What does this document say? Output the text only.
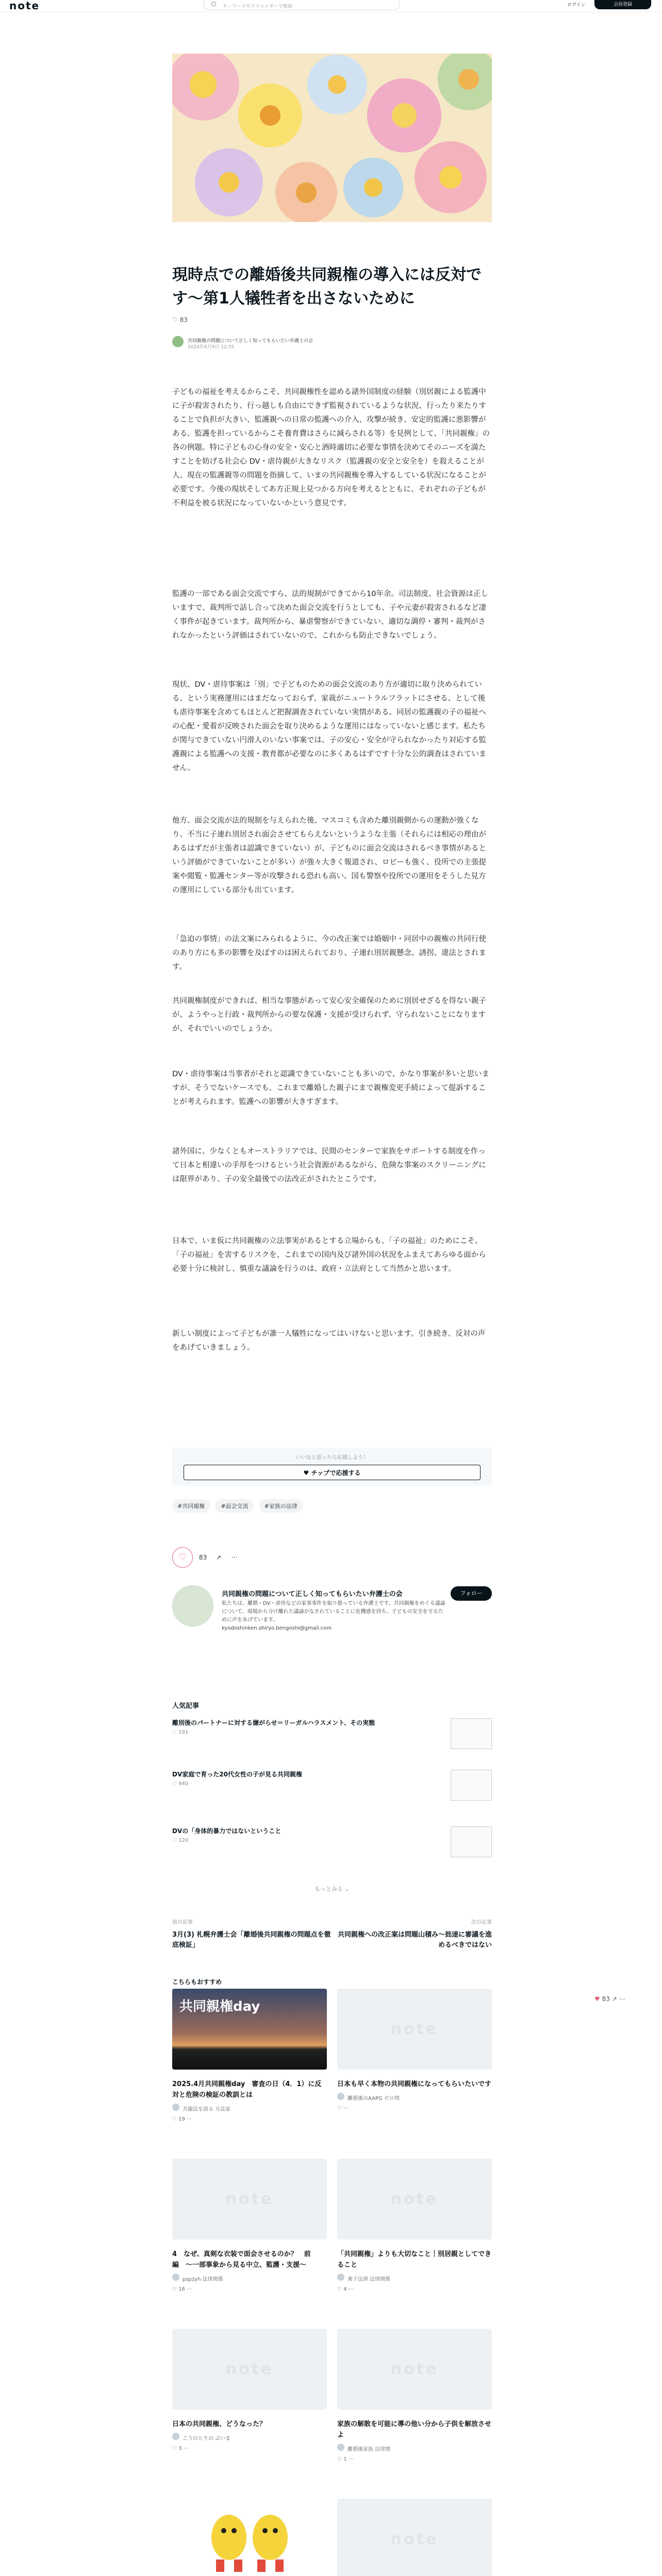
note	キーワードやクリエイターで検索	ログイン	会員登録
現時点での離婚後共同親権の導入には反対です〜第1人犠牲者を出さないために
♡ 83
共同親権の問題について正しく知ってもらいたい弁護士の会
2024年6月9日 12:55

子どもの福祉を考えるからこそ、共同親権性を認める諸外国制度の経験（別居親による監護中に子が殺害されたり、行っ越しも自由にできず監視されているような状況、行ったり来たりすることで負担が大きい、監護親への日常の監護への介入、攻撃が続き、安定的監護に悪影響がある、監護を担っているからこそ養育費はさらに減らされる等）を見例として、「共同親権」の各の例題。特に子どもの心身の安全・安心と酒時適切に必要な事情を決めてそのニーズを満たすことを妨げる社会心 DV・虐待親が大きなリスク（監護親の安全と安全を）を殺えることが人、現在の監護親等の問題を指摘して、いまの共同親権を導入するしている状況になることが必要です。今後の現状そしてあ方正規上見つかる方向を考えるとともに、それぞれの子どもが不利益を被る状況になっていないかという意見です。

監護の一部である面会交流ですら、法的規制ができてから10年余。司法制度、社会資源は正しいますで、裁判所で話し合って決めた面会交流を行うとしても、子や元妻が殺害されるなど凄く事件が起きています。裁判所から、暴虐警察ができていない、適切な調停・審判・裁判がされなかったという評価はされていないので、これからも防止できないでしょう。

現状、DV・虐待事案は「別」で子どものための面会交流のあり方が適切に取り決められている、という実務運用にはまだなっておらず、家裁がニュートラルフラットにさせる、として後も虐待事案を含めてもほとんど把握調査されていない実情がある。同居の監護親の子の福祉への心配・愛着が反映された面会を取り決めるような運用にはなっていないと感じます。私たちが関与できていない円滑人のいない事案では、子の安心・安全が守られなかったり対応する監護親による監護への支援・教育都が必要なのに多くあるはずです十分な公的調査はされていません。

他方、面会交流が法的規制を与えられた後、マスコミも含めた離別親側からの運動が強くなり、不当に子連れ別居され面会させてもらえないというような主張（それらには相応の理由があるはずだが主張者は認識できていない）が、子どものに面会交流はされるべき事情があるという評価ができていないことが多い）が強々大きく報道され、ロビーも強く、役所での主張提案や閲覧・監護センター等が攻撃される恐れも高い。国も警察や役所での運用をそうした見方の運用にしている部分も出ています。

「急迫の事情」の法文案にみられるように、今の改正案では婚姻中・同居中の親権の共同行使のあり方にも多の影響を及ぼすのは困えられており、子連れ別居親懸念、誘拐、違法とされます。

共同親権制度ができれば、相当な事態があって安心安全確保のために別居せざるを得ない親子が、ようやっと行政・裁判所からの要な保護・支援が受けられず、守られないことになりますが、それでいいのでしょうか。

DV・虐待事案は当事者がそれと認識できていないことも多いので、かなり事案が多いと思いますが、そうでないケースでも、これまで離婚した親子にまで親権変更手続によって提訴することが考えられます。監護への影響が大きすぎます。

諸外国に、少なくともオーストラリアでは、民間のセンターで家族をサポートする制度を作って日本と相違いの手厚をつけるという社会資源があるながら、危険な事案のスクリーニングには限界があり、子の安全最後での法改正がされたとこうです。

日本で、いま仮に共同親権の立法事実があるとする立場からも、「子の福祉」のためにこそ、「子の福祉」を害するリスクを、これまでの国内及び諸外国の状況をふまえてあらゆる面から必要十分に検討し、慎重な議論を行うのは、政府・立法府として当然かと思います。

新しい制度によって子どもが誰一人犠牲になってはいけないと思います。引き続き、反対の声をあげていきましょう。

いいなと思ったら応援しよう！
♥ チップで応援する
#共同親権	#面会交流	#家族の法律
♡ 83 ↗ ⋯
共同親権の問題について正しく知ってもらいたい弁護士の会
私たちは、離婚・DV・虐待などの家事事件を取り扱っている弁護士です。共同親権をめぐる議論について、現場から分け離れた議論がなされていることに危機感を持ち、子どもの安全を守るために声をあげています。
kyodoshinken.shiryo.bengoshi@gmail.com
フォロー
人気記事
離別後のパートナーに対する嫌がらせ＝リーガルハラスメント、その実態
♡ 191
DV家庭で育った20代女性の子が見る共同親権
♡ 440
DVの「身体的暴力ではないということ
♡ 120
もっとみる ⌄
前の記事
3月(3) 札幌弁護士会「離婚後共同親権の問題点を徹底検証」
次の記事
共同親権への改正案は問題山積み〜拙速に審議を進めるべきではない
こちらもおすすめ
♥ 83 ↗ ⋯
共同親権day
2025.4月共同親権day　審査の日（4．1）に反対と危険の検証の教訓とは
共親法を語る 方法家
♡ 19 ⋯
note
日本も早く本物の共同親権になってもらいたいです
離婚後のAAPG ゼロ問
♡ ⋯
note
4　なぜ、真剣な衣装で面会させるのか？　前編　〜一部事象から見る中立、監護・支援〜
pspzyh 法律関係
♡ 16 ⋯
note
「共同親権」よりも大切なこと｜別居親としてできること
乗子法律 法律関係
♡ 4 ⋯
note
日本の共同親権、どうなった？
こうのとりの ぶいま
♡ 3 ⋯
note
家族の解散を可能に導の他い分から子供を解放させよ
離婚後家族 法律関
♡ 1 ⋯
note
